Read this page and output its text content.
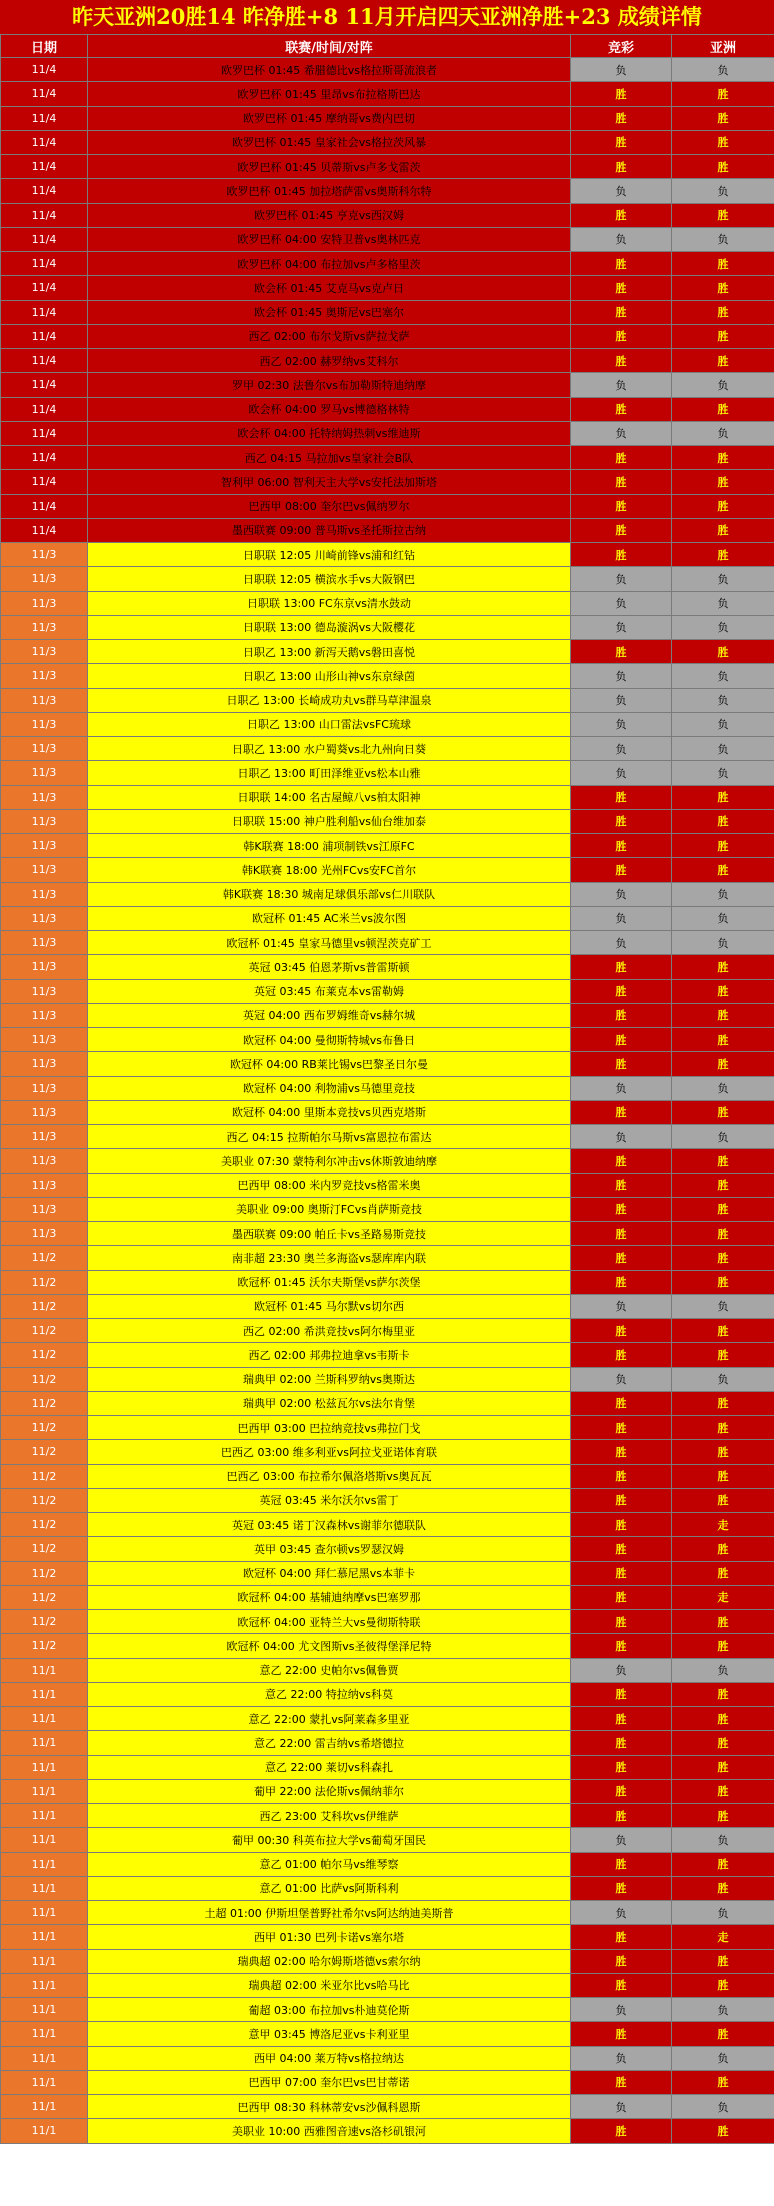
昨天亚洲20胜14 昨净胜+8 11月开启四天亚洲净胜+23 成绩详情
日期	联赛/时间/对阵	竞彩	亚洲
11/4	欧罗巴杯 01:45 希腊德比vs格拉斯哥流浪者	负	负
11/4	欧罗巴杯 01:45 里昂vs布拉格斯巴达	胜	胜
11/4	欧罗巴杯 01:45 摩纳哥vs费内巴切	胜	胜
11/4	欧罗巴杯 01:45 皇家社会vs格拉茨风暴	胜	胜
11/4	欧罗巴杯 01:45 贝蒂斯vs卢多戈雷茨	胜	胜
11/4	欧罗巴杯 01:45 加拉塔萨雷vs奥斯科尔特	负	负
11/4	欧罗巴杯 01:45 亨克vs西汉姆	胜	胜
11/4	欧罗巴杯 04:00 安特卫普vs奥林匹克	负	负
11/4	欧罗巴杯 04:00 布拉加vs卢多格里茨	胜	胜
11/4	欧会杯 01:45 艾克马vs克卢日	胜	胜
11/4	欧会杯 01:45 奥斯尼vs巴塞尔	胜	胜
11/4	西乙 02:00 布尔戈斯vs萨拉戈萨	胜	胜
11/4	西乙 02:00 赫罗纳vs艾科尔	胜	胜
11/4	罗甲 02:30 法鲁尔vs布加勒斯特迪纳摩	负	负
11/4	欧会杯 04:00 罗马vs博德格林特	胜	胜
11/4	欧会杯 04:00 托特纳姆热刺vs维迪斯	负	负
11/4	西乙 04:15 马拉加vs皇家社会B队	胜	胜
11/4	智利甲 06:00 智利天主大学vs安托法加斯塔	胜	胜
11/4	巴西甲 08:00 奎尔巴vs佩纳罗尔	胜	胜
11/4	墨西联赛 09:00 普马斯vs圣托斯拉古纳	胜	胜
11/3	日职联 12:05 川崎前锋vs浦和红钻	胜	胜
11/3	日职联 12:05 横滨水手vs大阪钢巴	负	负
11/3	日职联 13:00 FC东京vs清水鼓动	负	负
11/3	日职联 13:00 德岛漩涡vs大阪樱花	负	负
11/3	日职乙 13:00 新泻天鹅vs磐田喜悦	胜	胜
11/3	日职乙 13:00 山形山神vs东京绿茵	负	负
11/3	日职乙 13:00 长崎成功丸vs群马草津温泉	负	负
11/3	日职乙 13:00 山口雷法vsFC琉球	负	负
11/3	日职乙 13:00 水户蜀葵vs北九州向日葵	负	负
11/3	日职乙 13:00 町田泽维亚vs松本山雅	负	负
11/3	日职联 14:00 名古屋鲸八vs柏太阳神	胜	胜
11/3	日职联 15:00 神户胜利船vs仙台维加泰	胜	胜
11/3	韩K联赛 18:00 浦项制铁vs江原FC	胜	胜
11/3	韩K联赛 18:00 光州FCvs安FC首尔	胜	胜
11/3	韩K联赛 18:30 城南足球俱乐部vs仁川联队	负	负
11/3	欧冠杯 01:45 AC米兰vs波尔图	负	负
11/3	欧冠杯 01:45 皇家马德里vs顿涅茨克矿工	负	负
11/3	英冠 03:45 伯恩茅斯vs普雷斯顿	胜	胜
11/3	英冠 03:45 布莱克本vs雷勒姆	胜	胜
11/3	英冠 04:00 西布罗姆维奇vs赫尔城	胜	胜
11/3	欧冠杯 04:00 曼彻斯特城vs布鲁日	胜	胜
11/3	欧冠杯 04:00 RB莱比锡vs巴黎圣日尔曼	胜	胜
11/3	欧冠杯 04:00 利物浦vs马德里竞技	负	负
11/3	欧冠杯 04:00 里斯本竞技vs贝西克塔斯	胜	胜
11/3	西乙 04:15 拉斯帕尔马斯vs富恩拉布雷达	负	负
11/3	美职业 07:30 蒙特利尔冲击vs休斯敦迪纳摩	胜	胜
11/3	巴西甲 08:00 米内罗竞技vs格雷米奥	胜	胜
11/3	美职业 09:00 奥斯汀FCvs肖萨斯竞技	胜	胜
11/3	墨西联赛 09:00 帕丘卡vs圣路易斯竞技	胜	胜
11/2	南非超 23:30 奥兰多海盗vs瑟库库内联	胜	胜
11/2	欧冠杯 01:45 沃尔夫斯堡vs萨尔茨堡	胜	胜
11/2	欧冠杯 01:45 马尔默vs切尔西	负	负
11/2	西乙 02:00 希洪竞技vs阿尔梅里亚	胜	胜
11/2	西乙 02:00 邦弗拉迪拿vs韦斯卡	胜	胜
11/2	瑞典甲 02:00 兰斯科罗纳vs奥斯达	负	负
11/2	瑞典甲 02:00 松兹瓦尔vs法尔肯堡	胜	胜
11/2	巴西甲 03:00 巴拉纳竞技vs弗拉门戈	胜	胜
11/2	巴西乙 03:00 维多利亚vs阿拉戈亚诺体育联	胜	胜
11/2	巴西乙 03:00 布拉希尔佩洛塔斯vs奥瓦瓦	胜	胜
11/2	英冠 03:45 米尔沃尔vs雷丁	胜	胜
11/2	英冠 03:45 诺丁汉森林vs谢菲尔德联队	胜	走
11/2	英甲 03:45 查尔顿vs罗瑟汉姆	胜	胜
11/2	欧冠杯 04:00 拜仁慕尼黑vs本菲卡	胜	胜
11/2	欧冠杯 04:00 基辅迪纳摩vs巴塞罗那	胜	走
11/2	欧冠杯 04:00 亚特兰大vs曼彻斯特联	胜	胜
11/2	欧冠杯 04:00 尤文图斯vs圣彼得堡泽尼特	胜	胜
11/1	意乙 22:00 史帕尔vs佩鲁贾	负	负
11/1	意乙 22:00 特拉纳vs科莫	胜	胜
11/1	意乙 22:00 蒙扎vs阿莱森多里亚	胜	胜
11/1	意乙 22:00 雷吉纳vs希塔德拉	胜	胜
11/1	意乙 22:00 莱切vs科森扎	胜	胜
11/1	葡甲 22:00 法伦斯vs佩纳菲尔	胜	胜
11/1	西乙 23:00 艾科坎vs伊维萨	胜	胜
11/1	葡甲 00:30 科英布拉大学vs葡萄牙国民	负	负
11/1	意乙 01:00 帕尔马vs维琴察	胜	胜
11/1	意乙 01:00 比萨vs阿斯科利	胜	胜
11/1	土超 01:00 伊斯坦堡普野社希尔vs阿达纳迪美斯普	负	负
11/1	西甲 01:30 巴列卡诺vs塞尔塔	胜	走
11/1	瑞典超 02:00 哈尔姆斯塔德vs索尔纳	胜	胜
11/1	瑞典超 02:00 米亚尔比vs哈马比	胜	胜
11/1	葡超 03:00 布拉加vs朴迪莫伦斯	负	负
11/1	意甲 03:45 博洛尼亚vs卡利亚里	胜	胜
11/1	西甲 04:00 莱万特vs格拉纳达	负	负
11/1	巴西甲 07:00 奎尔巴vs巴甘蒂诺	胜	胜
11/1	巴西甲 08:30 科林蒂安vs沙佩科恩斯	负	负
11/1	美职业 10:00 西雅图音速vs洛杉矶银河	胜	胜
